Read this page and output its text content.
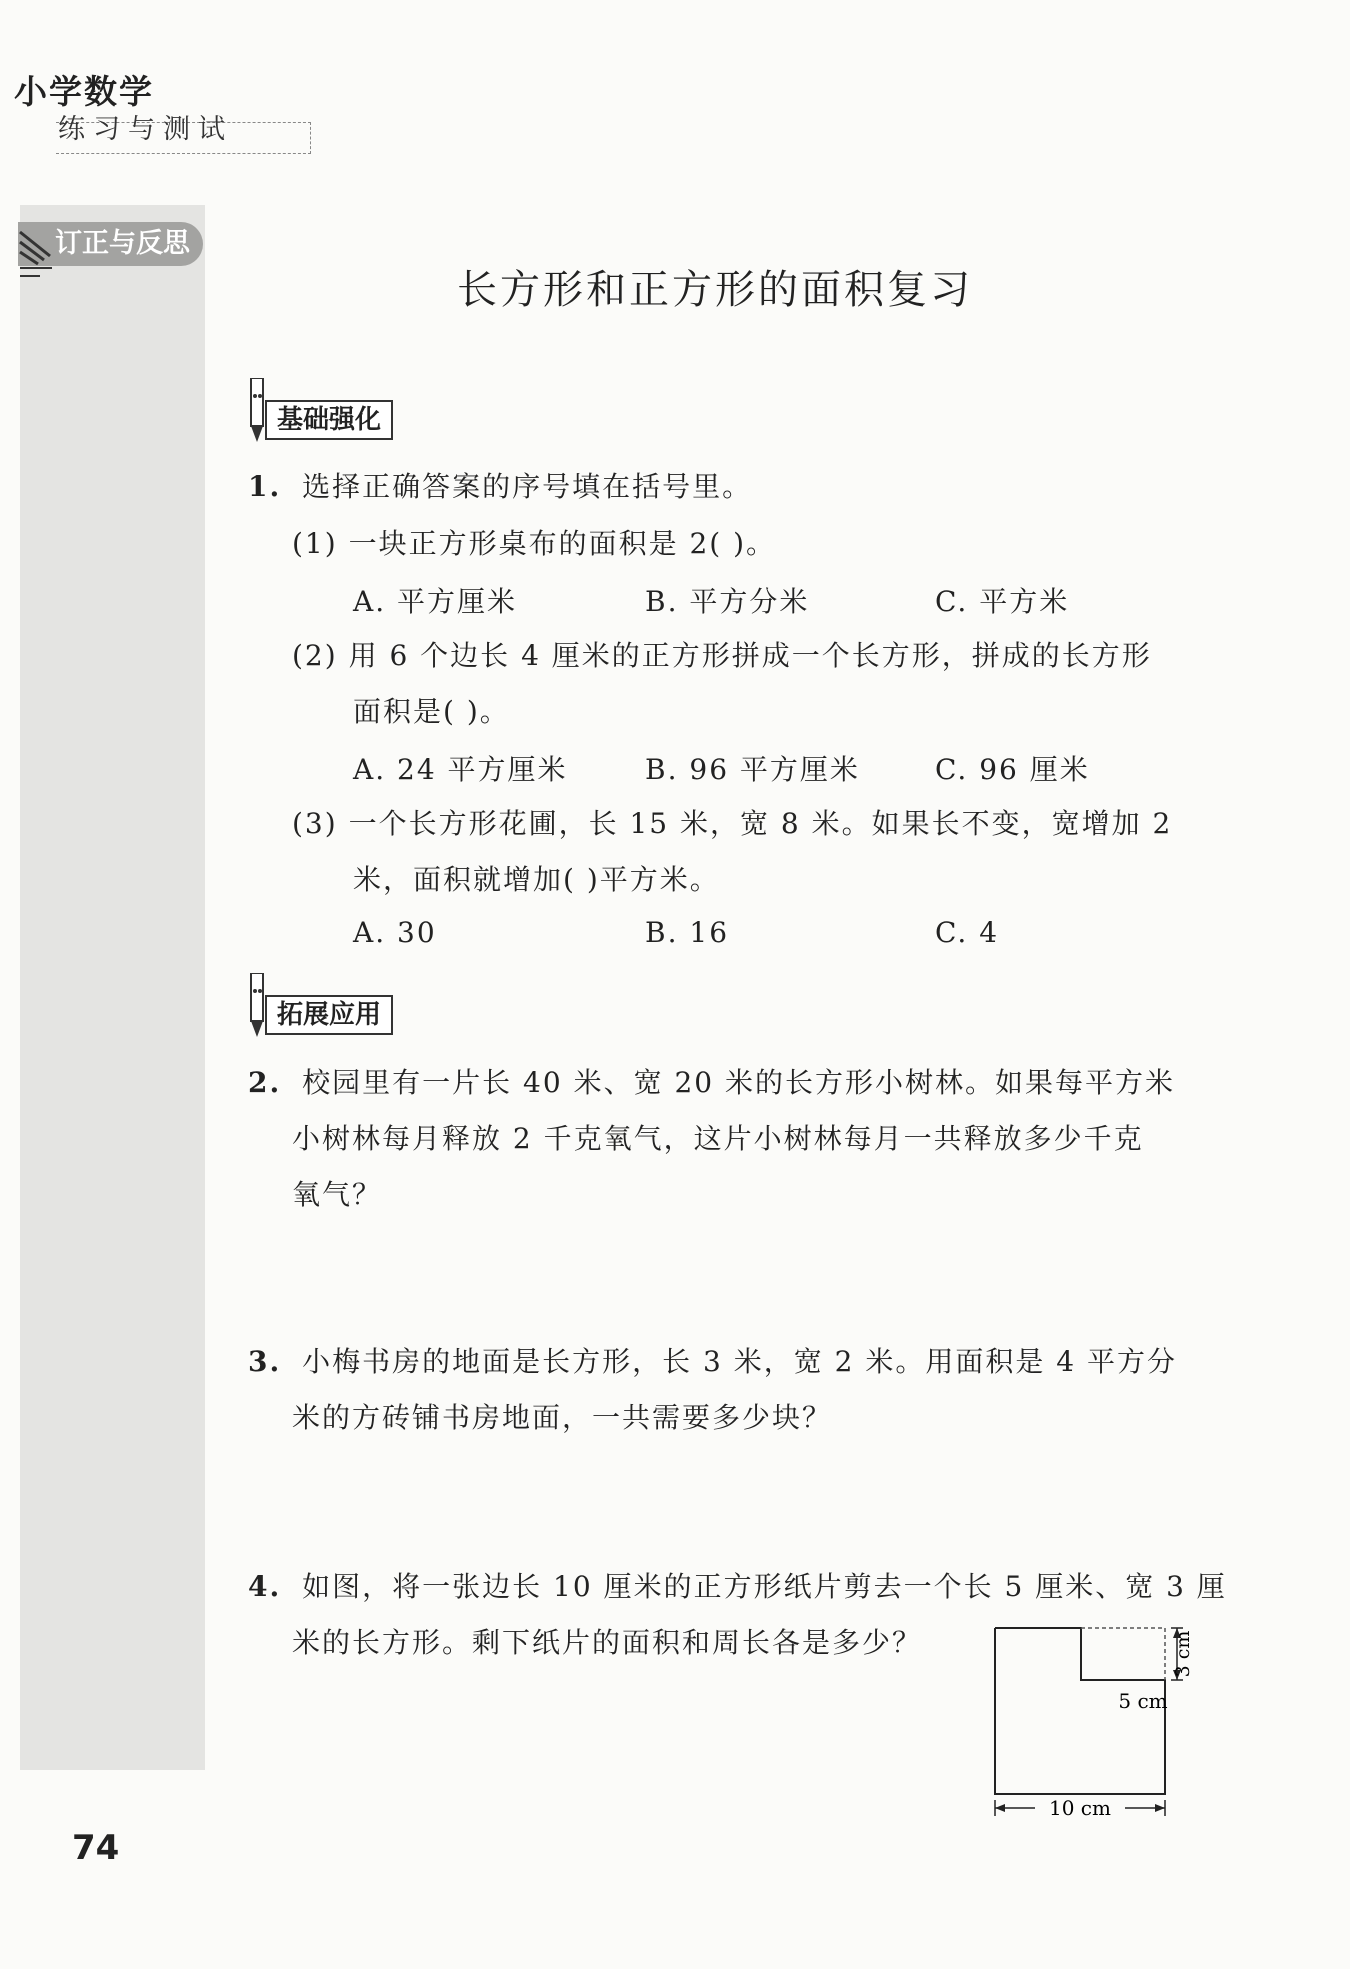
小学数学
练习与测试
订正与反思
长方形和正方形的面积复习
基础强化
1. 选择正确答案的序号填在括号里。
(1) 一块正方形桌布的面积是 2( )。
A. 平方厘米	B. 平方分米	C. 平方米
(2) 用 6 个边长 4 厘米的正方形拼成一个长方形，拼成的长方形
面积是( )。
A. 24 平方厘米	B. 96 平方厘米	C. 96 厘米
(3) 一个长方形花圃，长 15 米，宽 8 米。如果长不变，宽增加 2
米，面积就增加( )平方米。
A. 30	B. 16	C. 4
拓展应用
2. 校园里有一片长 40 米、宽 20 米的长方形小树林。如果每平方米
小树林每月释放 2 千克氧气，这片小树林每月一共释放多少千克
氧气？
3. 小梅书房的地面是长方形，长 3 米，宽 2 米。用面积是 4 平方分
米的方砖铺书房地面，一共需要多少块？
4. 如图，将一张边长 10 厘米的正方形纸片剪去一个长 5 厘米、宽 3 厘
米的长方形。剩下纸片的面积和周长各是多少？	3 cm
5 cm
10 cm
74
